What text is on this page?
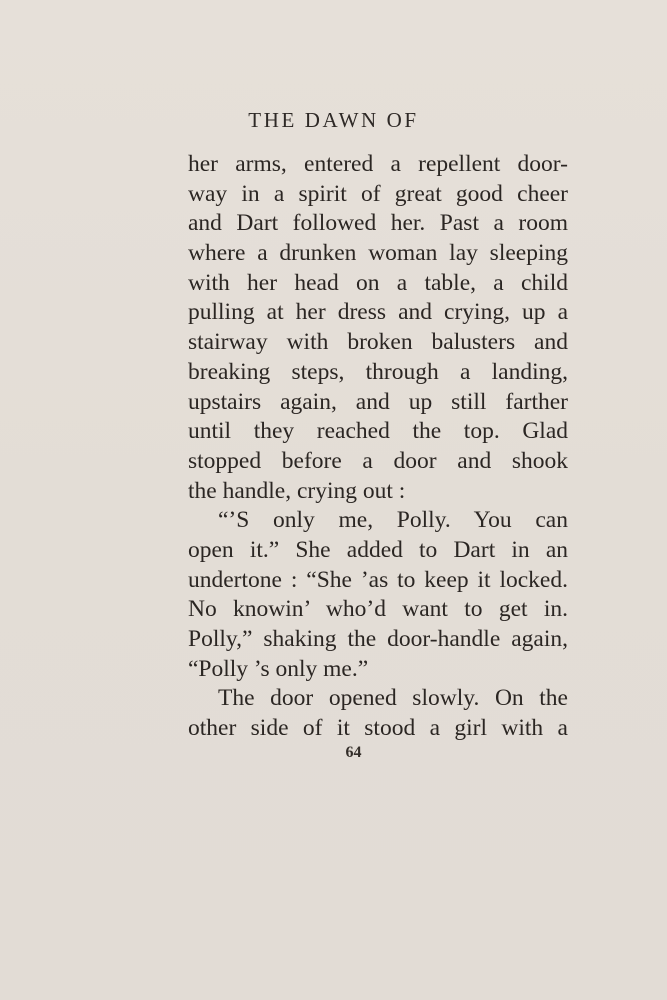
THE DAWN OF
her arms, entered a repellent door-
way in a spirit of great good cheer
and Dart followed her. Past a room
where a drunken woman lay sleeping
with her head on a table, a child
pulling at her dress and crying, up a
stairway with broken balusters and
breaking steps, through a landing,
upstairs again, and up still farther
until they reached the top. Glad
stopped before a door and shook
the handle, crying out :
“’S only me, Polly. You can
open it.” She added to Dart in an
undertone : “She ’as to keep it locked.
No knowin’ who’d want to get in.
Polly,” shaking the door-handle again,
“Polly ’s only me.”
The door opened slowly. On the
other side of it stood a girl with a
64
